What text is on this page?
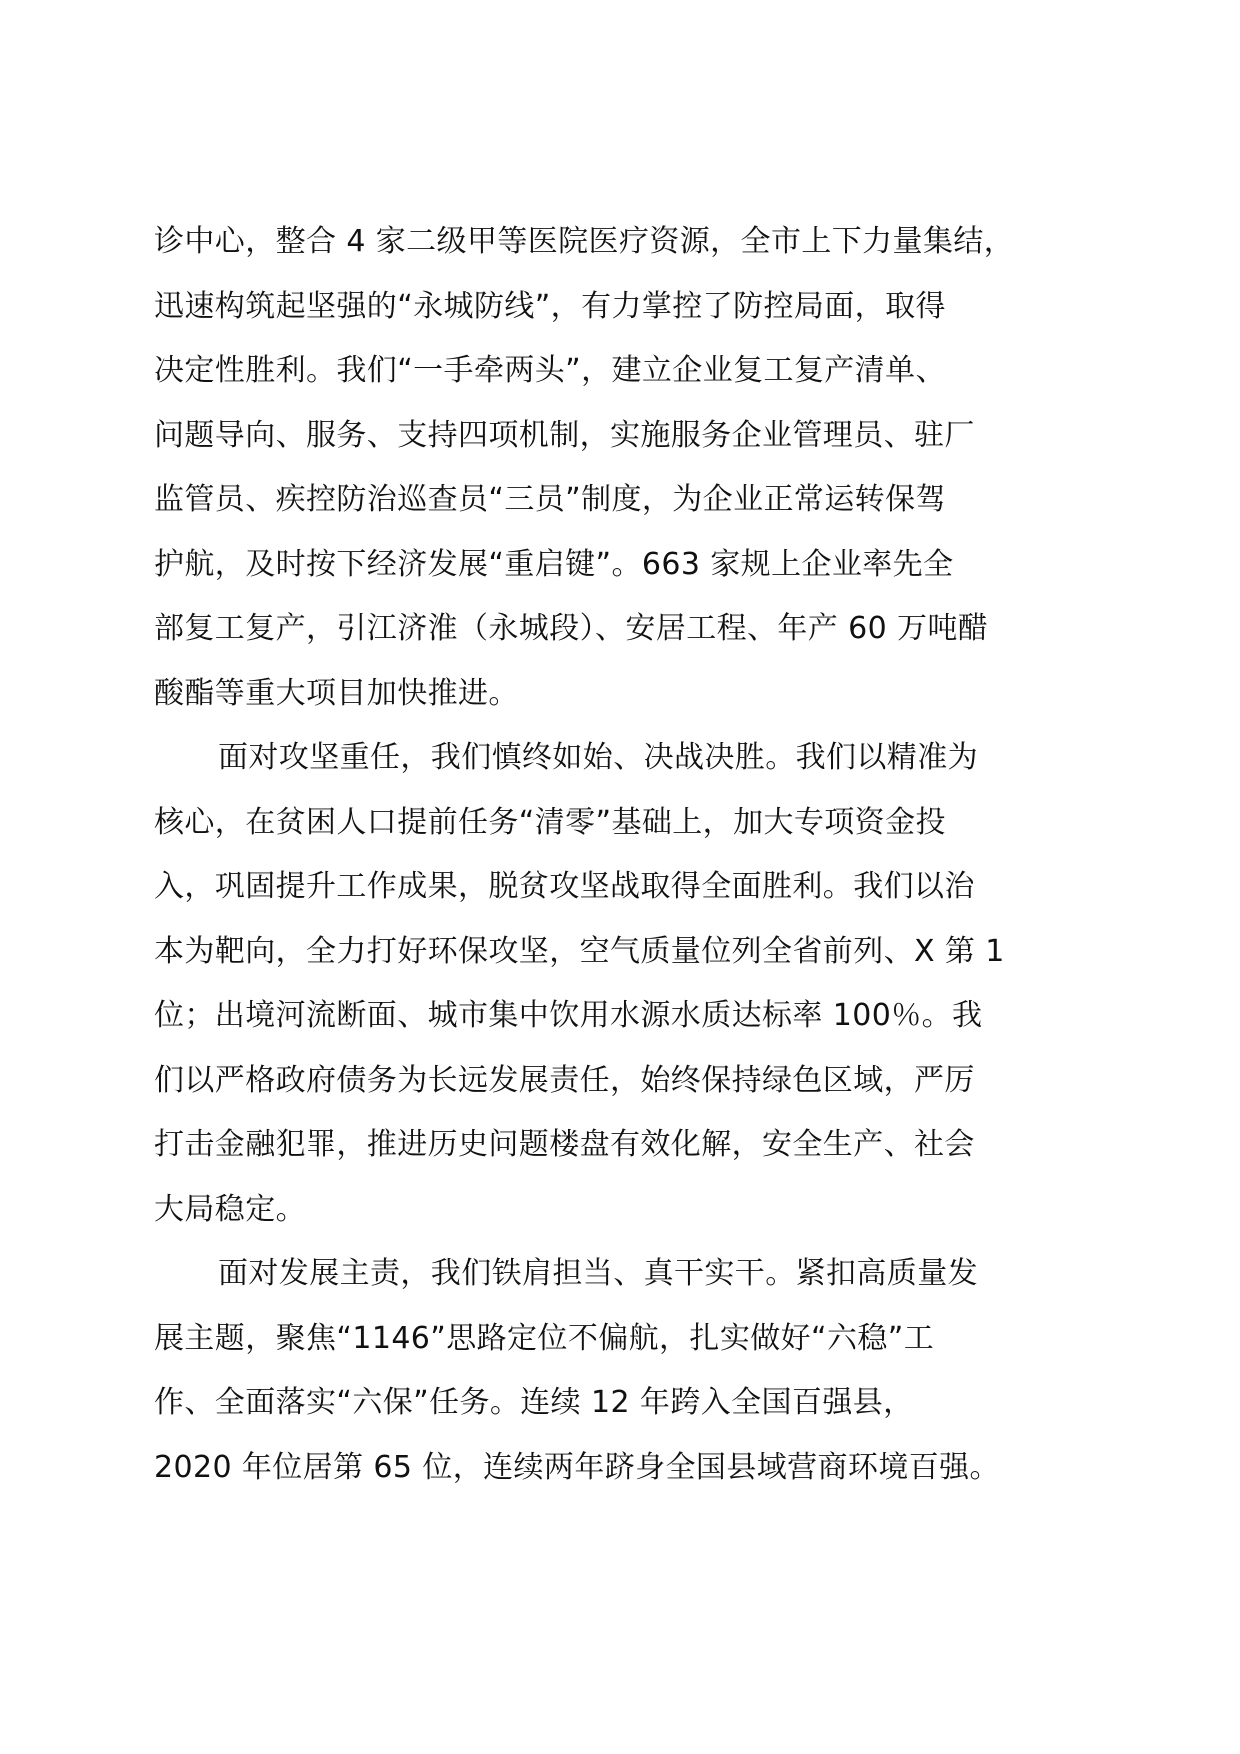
诊中心，整合 4 家二级甲等医院医疗资源，全市上下力量集结，
迅速构筑起坚强的“永城防线”，有力掌控了防控局面，取得
决定性胜利。我们“一手牵两头”，建立企业复工复产清单、
问题导向、服务、支持四项机制，实施服务企业管理员、驻厂
监管员、疾控防治巡查员“三员”制度，为企业正常运转保驾
护航，及时按下经济发展“重启键”。663 家规上企业率先全
部复工复产，引江济淮（永城段）、安居工程、年产 60 万吨醋
酸酯等重大项目加快推进。
面对攻坚重任，我们慎终如始、决战决胜。我们以精准为
核心，在贫困人口提前任务“清零”基础上，加大专项资金投
入，巩固提升工作成果，脱贫攻坚战取得全面胜利。我们以治
本为靶向，全力打好环保攻坚，空气质量位列全省前列、X 第 1
位；出境河流断面、城市集中饮用水源水质达标率 100％。我
们以严格政府债务为长远发展责任，始终保持绿色区域，严厉
打击金融犯罪，推进历史问题楼盘有效化解，安全生产、社会
大局稳定。
面对发展主责，我们铁肩担当、真干实干。紧扣高质量发
展主题，聚焦“1146”思路定位不偏航，扎实做好“六稳”工
作、全面落实“六保”任务。连续 12 年跨入全国百强县，
2020 年位居第 65 位，连续两年跻身全国县域营商环境百强。
